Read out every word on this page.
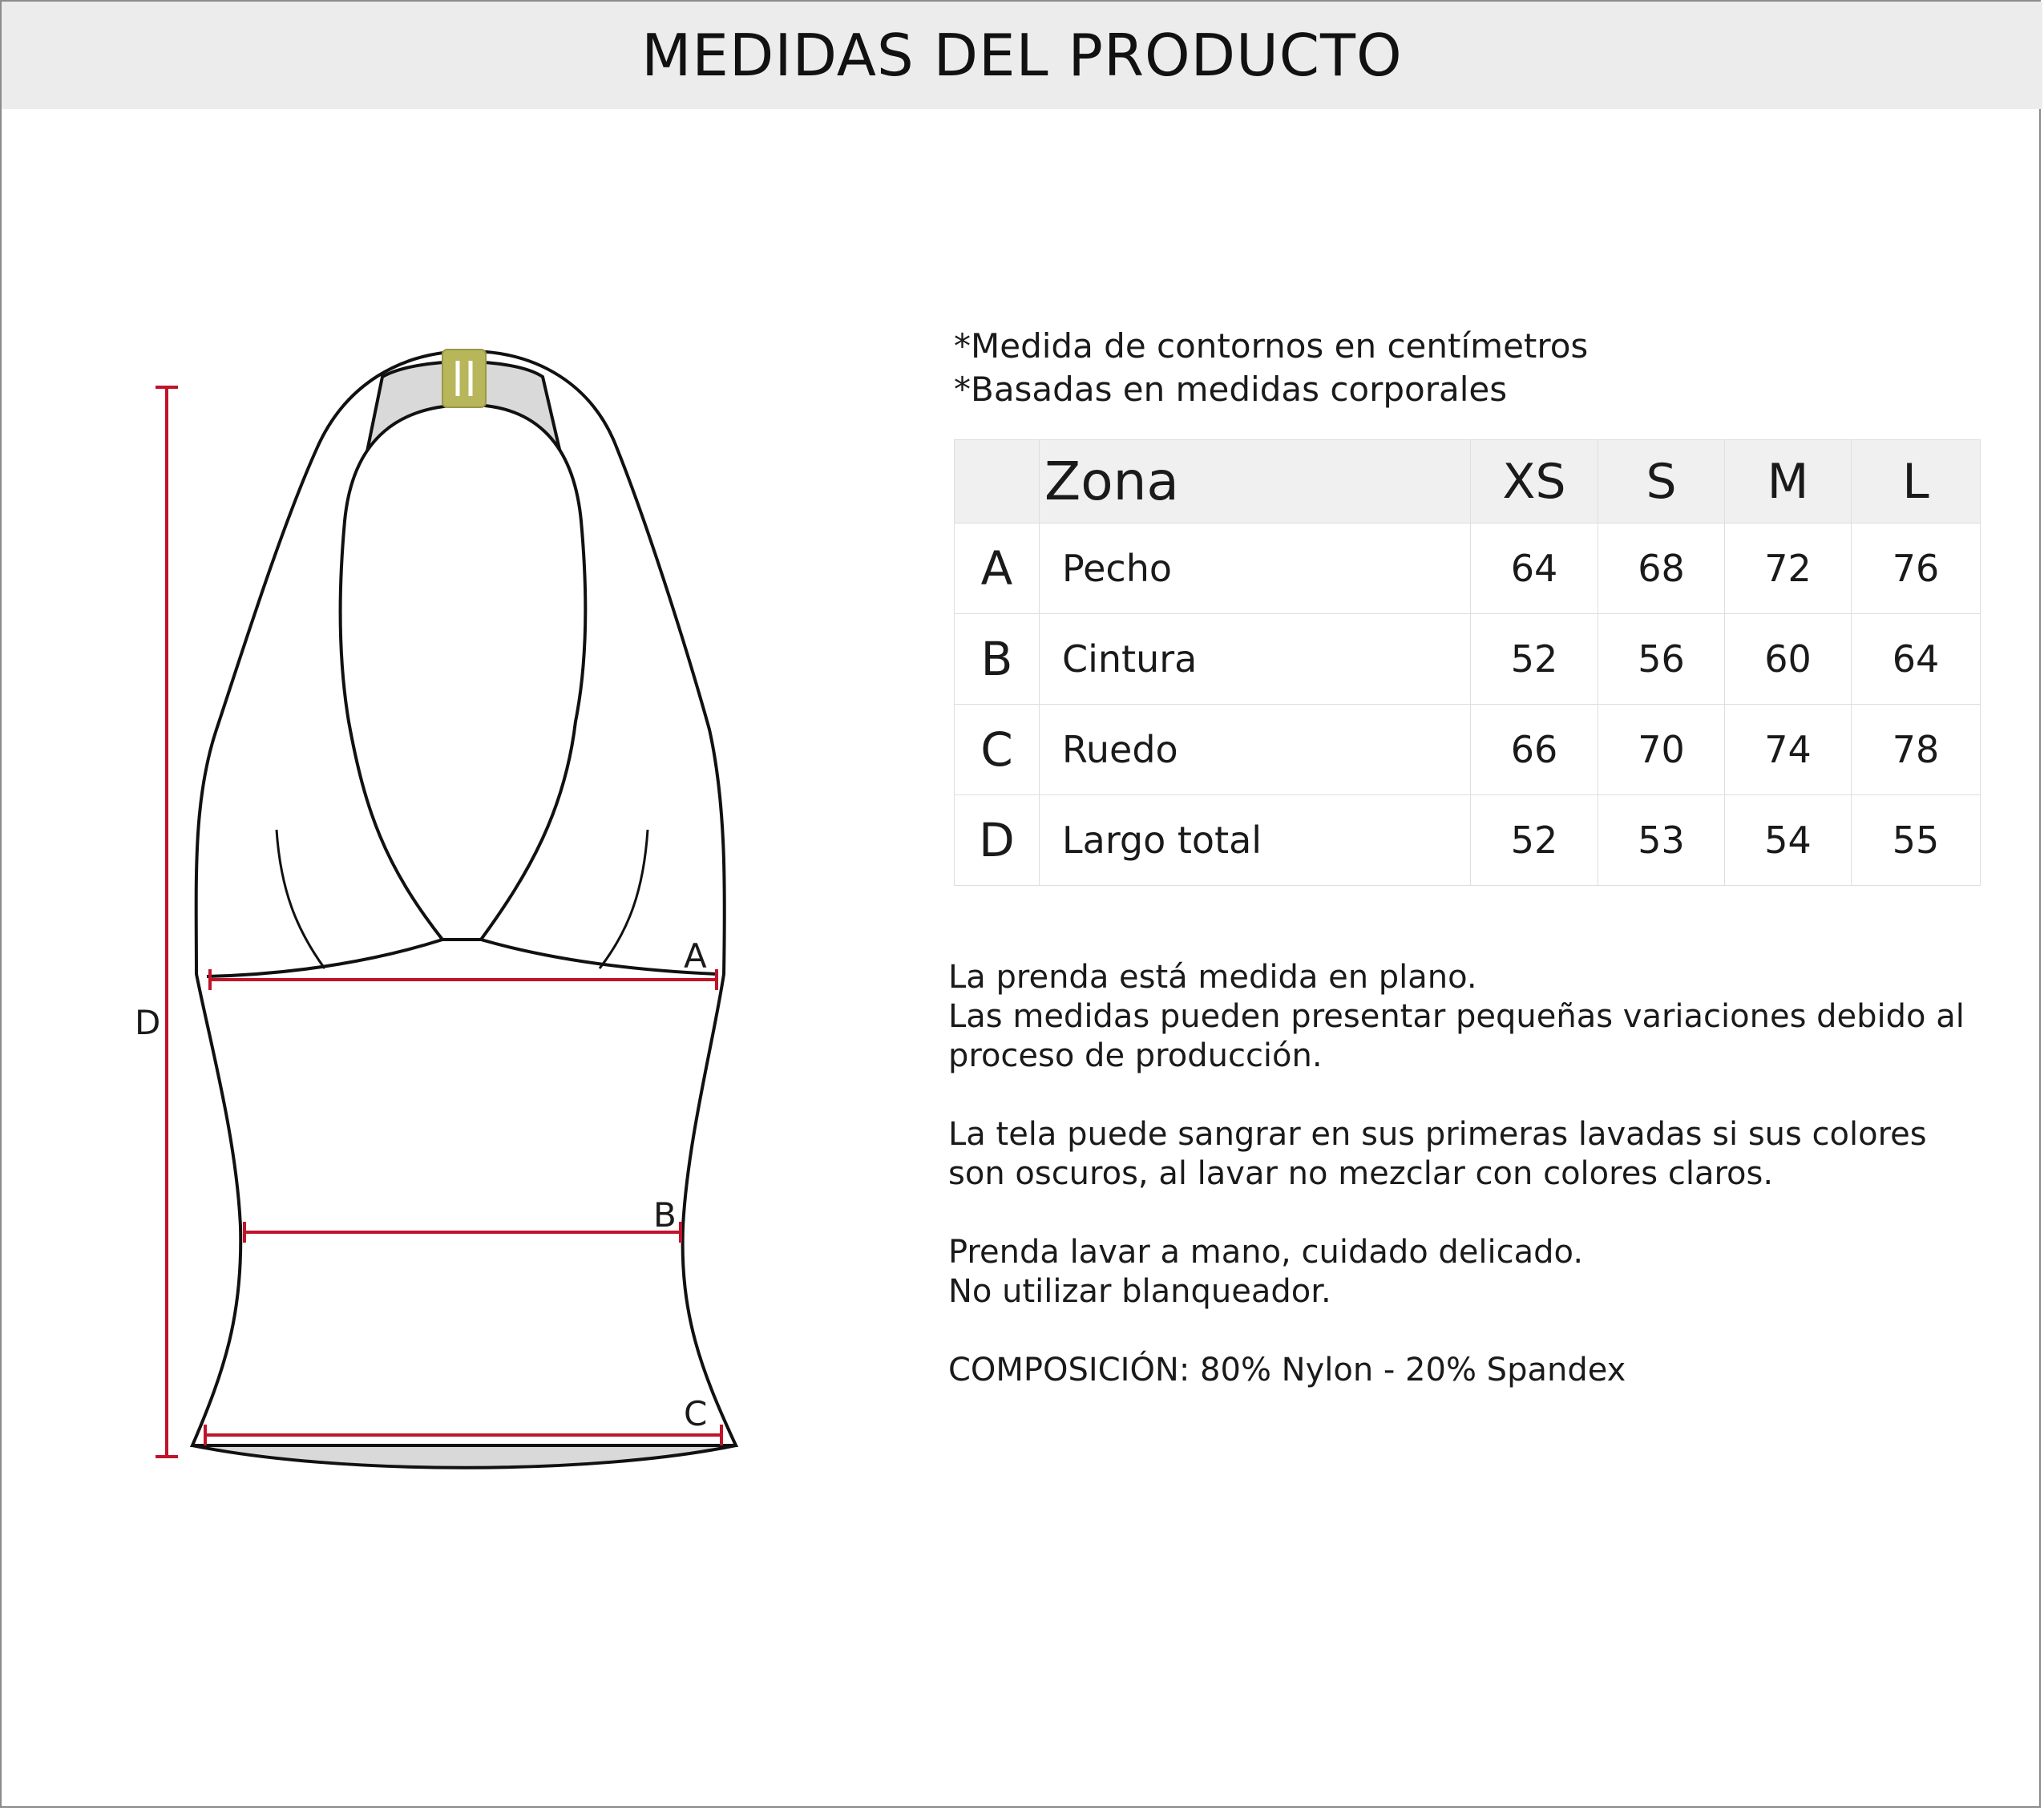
MEDIDAS DEL PRODUCTO
A
B
C
D
*Medida de contornos en centímetros
*Basadas en medidas corporales
	Zona	XS	S	M	L
A	Pecho	64	68	72	76
B	Cintura	52	56	60	64
C	Ruedo	66	70	74	78
D	Largo total	52	53	54	55

La prenda está medida en plano.
Las medidas pueden presentar pequeñas variaciones debido al
proceso de producción.

La tela puede sangrar en sus primeras lavadas si sus colores
son oscuros, al lavar no mezclar con colores claros.

Prenda lavar a mano, cuidado delicado.
No utilizar blanqueador.

COMPOSICIÓN: 80% Nylon - 20% Spandex
